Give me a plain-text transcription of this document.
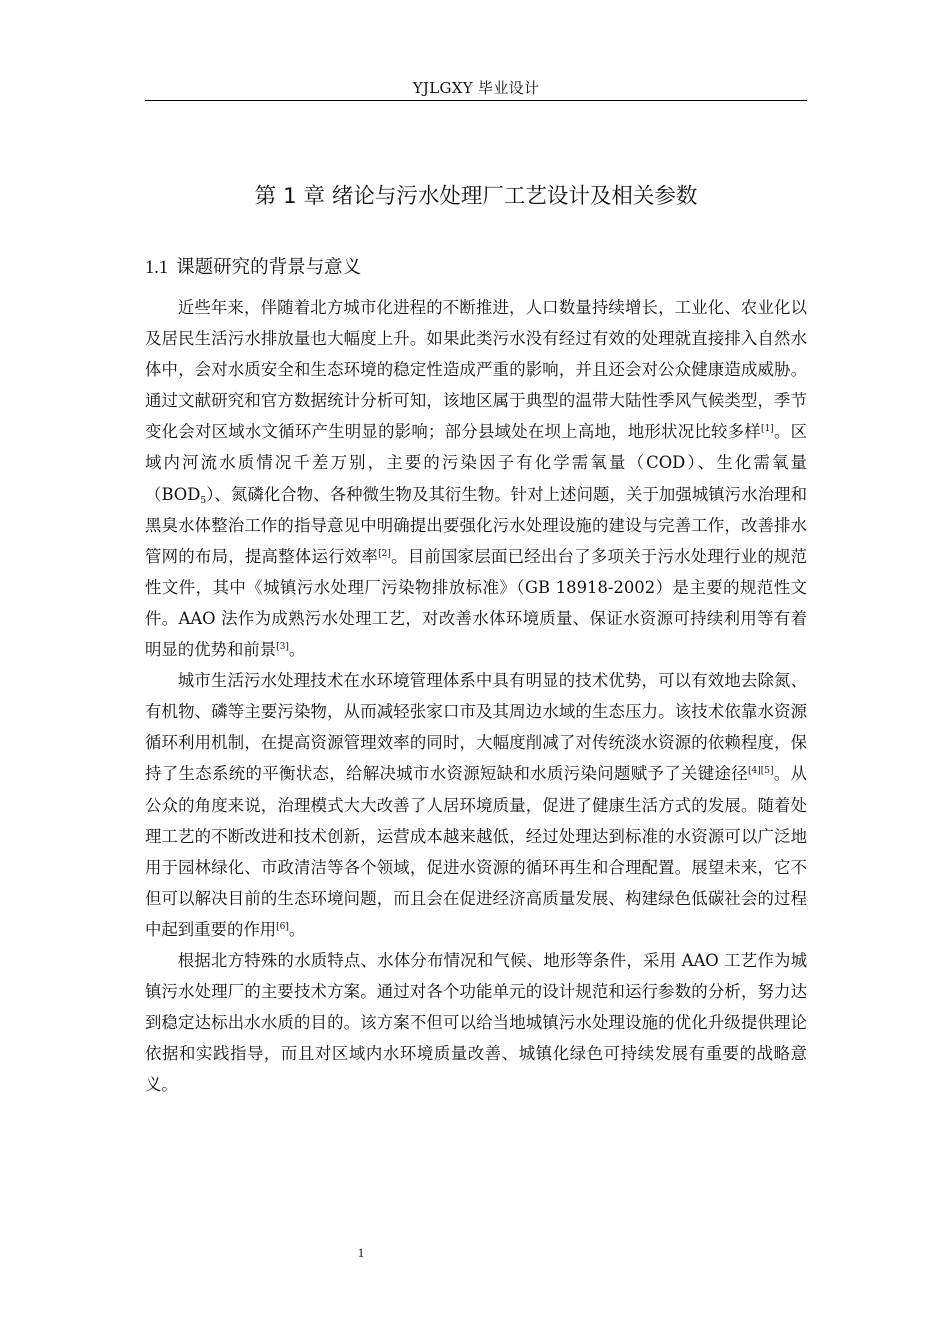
YJLGXY 毕业设计
第 1 章 绪论与污水处理厂工艺设计及相关参数
1.1 课题研究的背景与意义

近些年来，伴随着北方城市化进程的不断推进，人口数量持续增长，工业化、农业化以及居民生活污水排放量也大幅度上升。如果此类污水没有经过有效的处理就直接排入自然水体中，会对水质安全和生态环境的稳定性造成严重的影响，并且还会对公众健康造成威胁。通过文献研究和官方数据统计分析可知，该地区属于典型的温带大陆性季风气候类型，季节变化会对区域水文循环产生明显的影响；部分县域处在坝上高地，地形状况比较多样[1]。区域内河流水质情况千差万别，主要的污染因子有化学需氧量（COD）、生化需氧量$(BOD_5)$、氮磷化合物、各种微生物及其衍生物。针对上述问题，关于加强城镇污水治理和黑臭水体整治工作的指导意见中明确提出要强化污水处理设施的建设与完善工作，改善排水管网的布局，提高整体运行效率[2]。目前国家层面已经出台了多项关于污水处理行业的规范性文件，其中《城镇污水处理厂污染物排放标准》（GB 18918-2002）是主要的规范性文件。AAO 法作为成熟污水处理工艺，对改善水体环境质量、保证水资源可持续利用等有着明显的优势和前景[3]。

城市生活污水处理技术在水环境管理体系中具有明显的技术优势，可以有效地去除氮、有机物、磷等主要污染物，从而减轻张家口市及其周边水域的生态压力。该技术依靠水资源循环利用机制，在提高资源管理效率的同时，大幅度削减了对传统淡水资源的依赖程度，保持了生态系统的平衡状态，给解决城市水资源短缺和水质污染问题赋予了关键途径[4][5]。从公众的角度来说，治理模式大大改善了人居环境质量，促进了健康生活方式的发展。随着处理工艺的不断改进和技术创新，运营成本越来越低，经过处理达到标准的水资源可以广泛地用于园林绿化、市政清洁等各个领域，促进水资源的循环再生和合理配置。展望未来，它不但可以解决目前的生态环境问题，而且会在促进经济高质量发展、构建绿色低碳社会的过程中起到重要的作用[6]。

根据北方特殊的水质特点、水体分布情况和气候、地形等条件，采用 AAO 工艺作为城镇污水处理厂的主要技术方案。通过对各个功能单元的设计规范和运行参数的分析，努力达到稳定达标出水水质的目的。该方案不但可以给当地城镇污水处理设施的优化升级提供理论依据和实践指导，而且对区域内水环境质量改善、城镇化绿色可持续发展有重要的战略意义。

1
